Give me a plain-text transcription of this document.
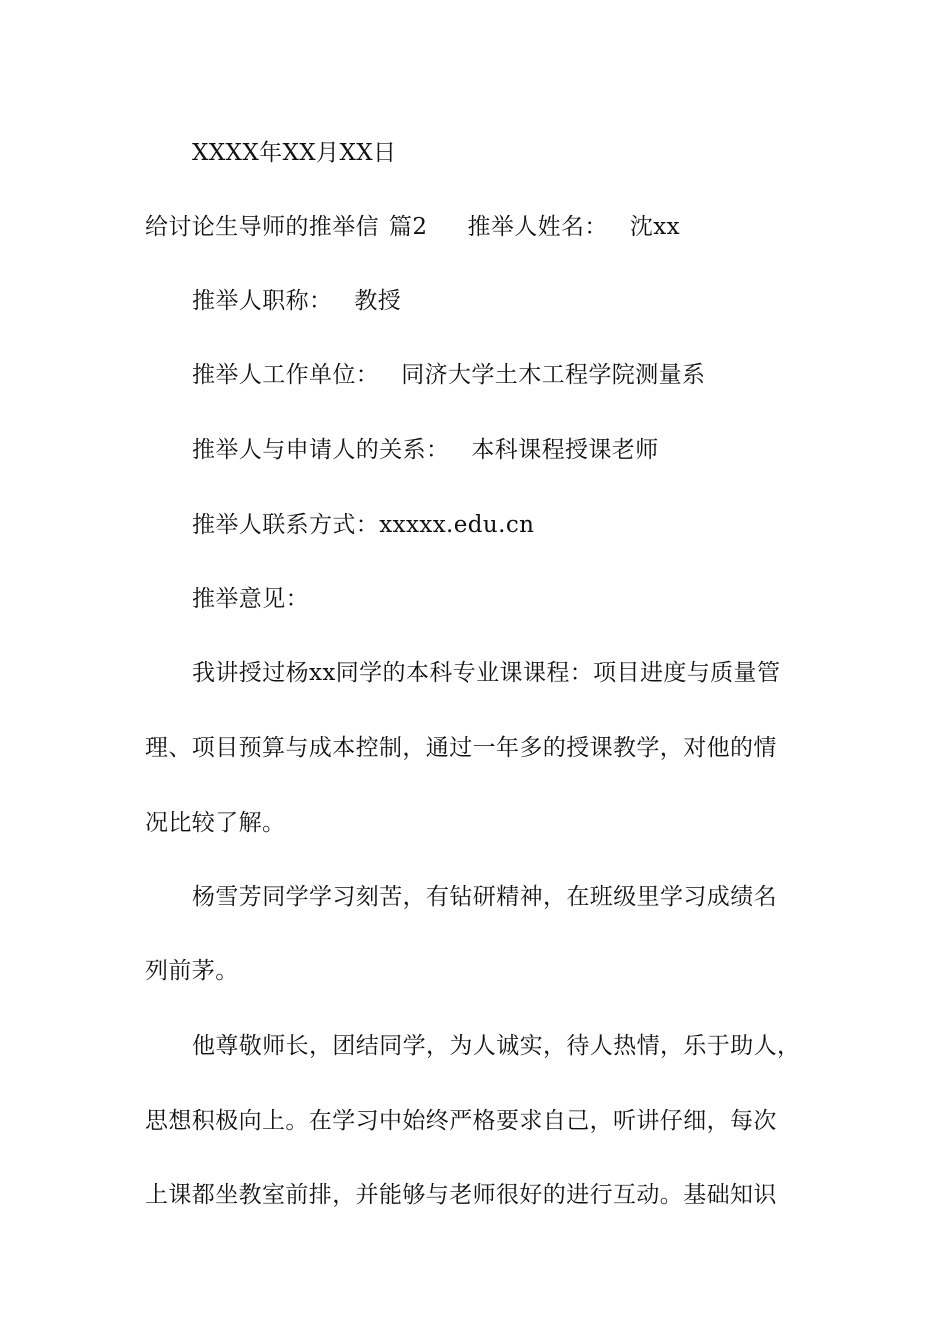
XXXX年XX月XX日
给讨论生导师的推举信 篇2 推举人姓名： 沈xx
推举人职称： 教授
推举人工作单位： 同济大学土木工程学院测量系
推举人与申请人的关系： 本科课程授课老师
推举人联系方式：xxxxx.edu.cn
推举意见：
我讲授过杨xx同学的本科专业课课程：项目进度与质量管
理、项目预算与成本控制，通过一年多的授课教学，对他的情
况比较了解。
杨雪芳同学学习刻苦，有钻研精神，在班级里学习成绩名
列前茅。
他尊敬师长，团结同学，为人诚实，待人热情，乐于助人，
思想积极向上。在学习中始终严格要求自己，听讲仔细，每次
上课都坐教室前排，并能够与老师很好的进行互动。基础知识
